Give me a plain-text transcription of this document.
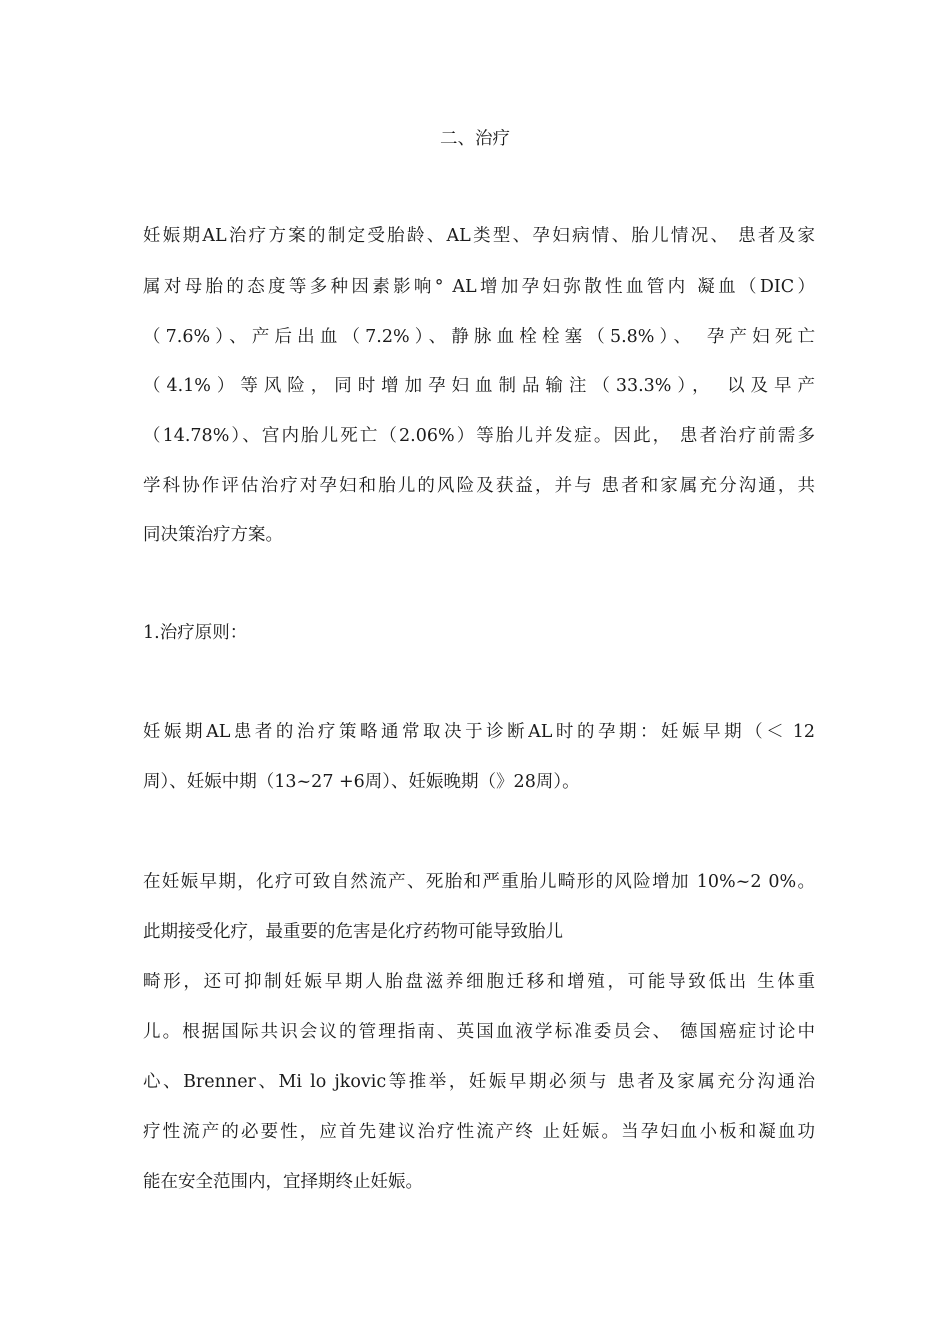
二、治疗
妊娠期AL治疗方案的制定受胎龄、AL类型、孕妇病情、胎儿情况、 患者及家
属对母胎的态度等多种因素影响° AL增加孕妇弥散性血管内 凝血（DIC）
（7.6%）、产后出血（7.2%）、静脉血栓栓塞（5.8%）、 孕产妇死亡
（4.1%）等风险，同时增加孕妇血制品输注（33.3%）， 以及早产
（14.78%）、宫内胎儿死亡（2.06%）等胎儿并发症。因此， 患者治疗前需多
学科协作评估治疗对孕妇和胎儿的风险及获益，并与 患者和家属充分沟通，共
同决策治疗方案。
1.治疗原则：
妊娠期AL患者的治疗策略通常取决于诊断AL时的孕期：妊娠早期（＜ 12
周）、妊娠中期（13~27 +6周）、妊娠晚期（》28周）。
在妊娠早期，化疗可致自然流产、死胎和严重胎儿畸形的风险增加 10%~2 0%。
此期接受化疗，最重要的危害是化疗药物可能导致胎儿
畸形，还可抑制妊娠早期人胎盘滋养细胞迁移和增殖，可能导致低出 生体重
儿。根据国际共识会议的管理指南、英国血液学标准委员会、 德国癌症讨论中
心、Brenner、Mi lo jkovic等推举，妊娠早期必须与 患者及家属充分沟通治
疗性流产的必要性，应首先建议治疗性流产终 止妊娠。当孕妇血小板和凝血功
能在安全范围内，宜择期终止妊娠。
